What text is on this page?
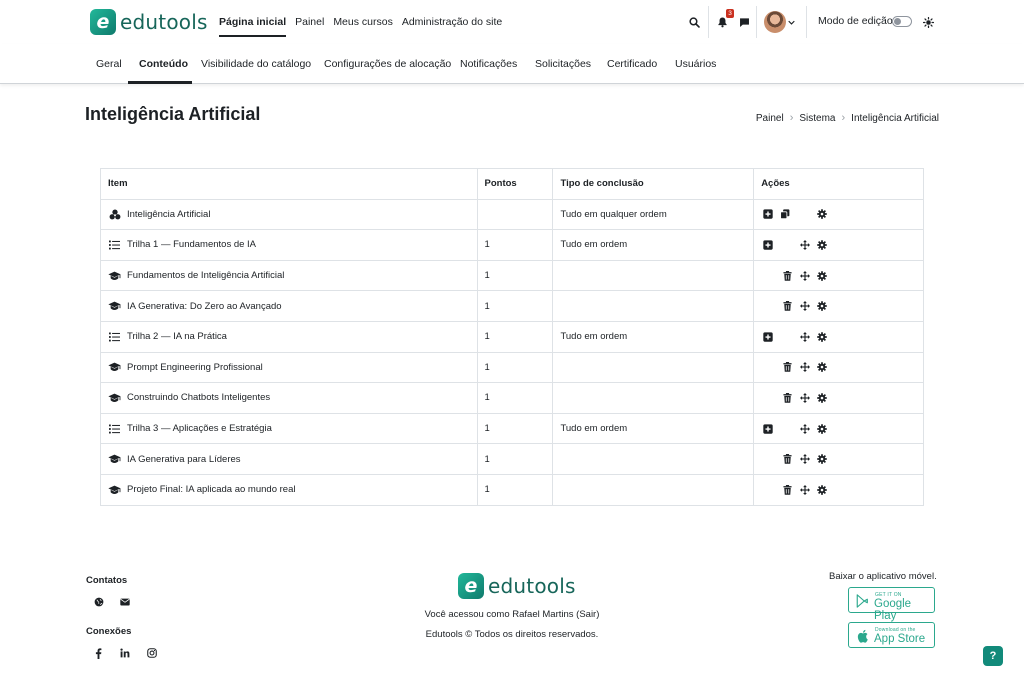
e edutools Página inicial Painel Meus cursos Administração do site
3
Modo de edição
Geral Conteúdo Visibilidade do catálogo Configurações de alocação Notificações Solicitações Certificado Usuários
Inteligência Artificial	Painel › Sistema › Inteligência Artificial
Item	Pontos	Tipo de conclusão	Ações

Inteligência Artificial		Tudo em qualquer ordem	

Trilha 1 — Fundamentos de IA	1	Tudo em ordem	

Fundamentos de Inteligência Artificial	1		

IA Generativa: Do Zero ao Avançado	1		

Trilha 2 — IA na Prática	1	Tudo em ordem	

Prompt Engineering Profissional	1		

Construindo Chatbots Inteligentes	1		

Trilha 3 — Aplicações e Estratégia	1	Tudo em ordem	

IA Generativa para Líderes	1		

Projeto Final: IA aplicada ao mundo real	1		
Contatos
Conexões
e edutools
Você acessou como Rafael Martins (Sair)
Edutools © Todos os direitos reservados.
Baixar o aplicativo móvel.
GET IT ON
Google Play
Download on the
App Store
?
